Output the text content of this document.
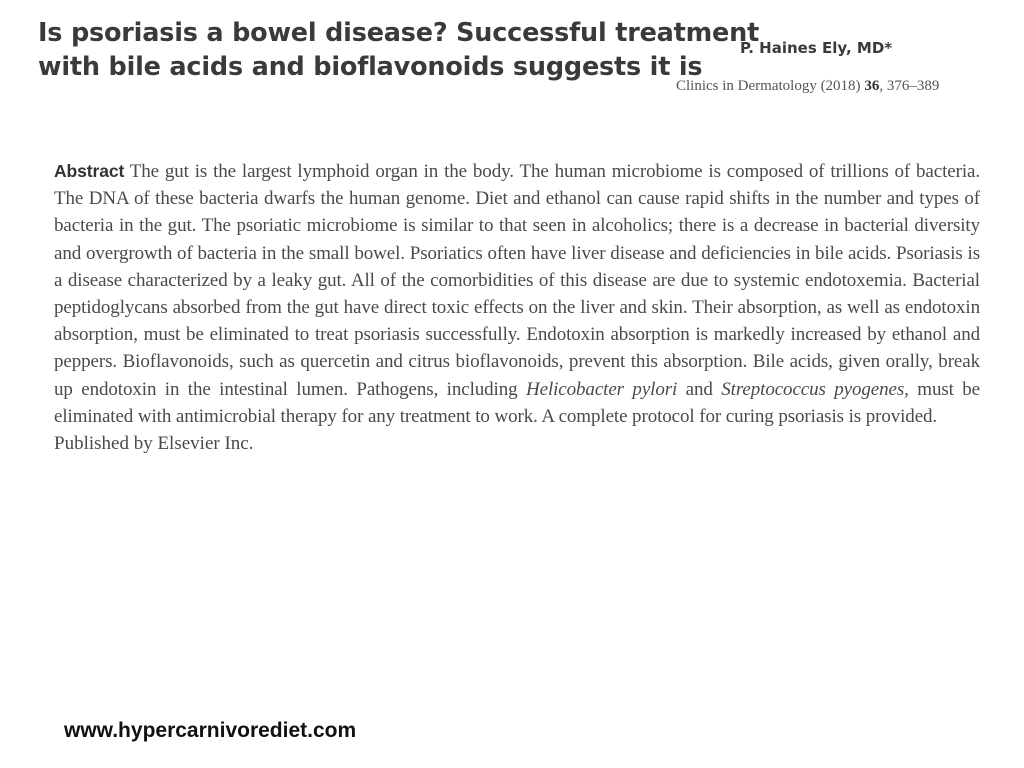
Is psoriasis a bowel disease? Successful treatment
with bile acids and bioflavonoids suggests it is
P. Haines Ely, MD*
Clinics in Dermatology (2018) 36, 376–389

Abstract The gut is the largest lymphoid organ in the body. The human microbiome is composed of trillions of bacteria. The DNA of these bacteria dwarfs the human genome. Diet and ethanol can cause rapid shifts in the number and types of bacteria in the gut. The psoriatic microbiome is similar to that seen in alcoholics; there is a decrease in bacterial diversity and overgrowth of bacteria in the small bowel. Psoriatics often have liver disease and deficiencies in bile acids. Psoriasis is a disease characterized by a leaky gut. All of the comorbidities of this disease are due to systemic endotoxemia. Bacterial peptidoglycans absorbed from the gut have direct toxic effects on the liver and skin. Their absorption, as well as endotoxin absorption, must be eliminated to treat psoriasis successfully. Endotoxin absorption is markedly increased by ethanol and peppers. Bioflavonoids, such as quercetin and citrus bioflavonoids, prevent this absorption. Bile acids, given orally, break up endotoxin in the intestinal lumen. Pathogens, including Helicobacter pylori and Streptococcus pyogenes, must be eliminated with antimicrobial therapy for any treatment to work. A complete protocol for curing psoriasis is provided.

Published by Elsevier Inc.
www.hypercarnivorediet.com
